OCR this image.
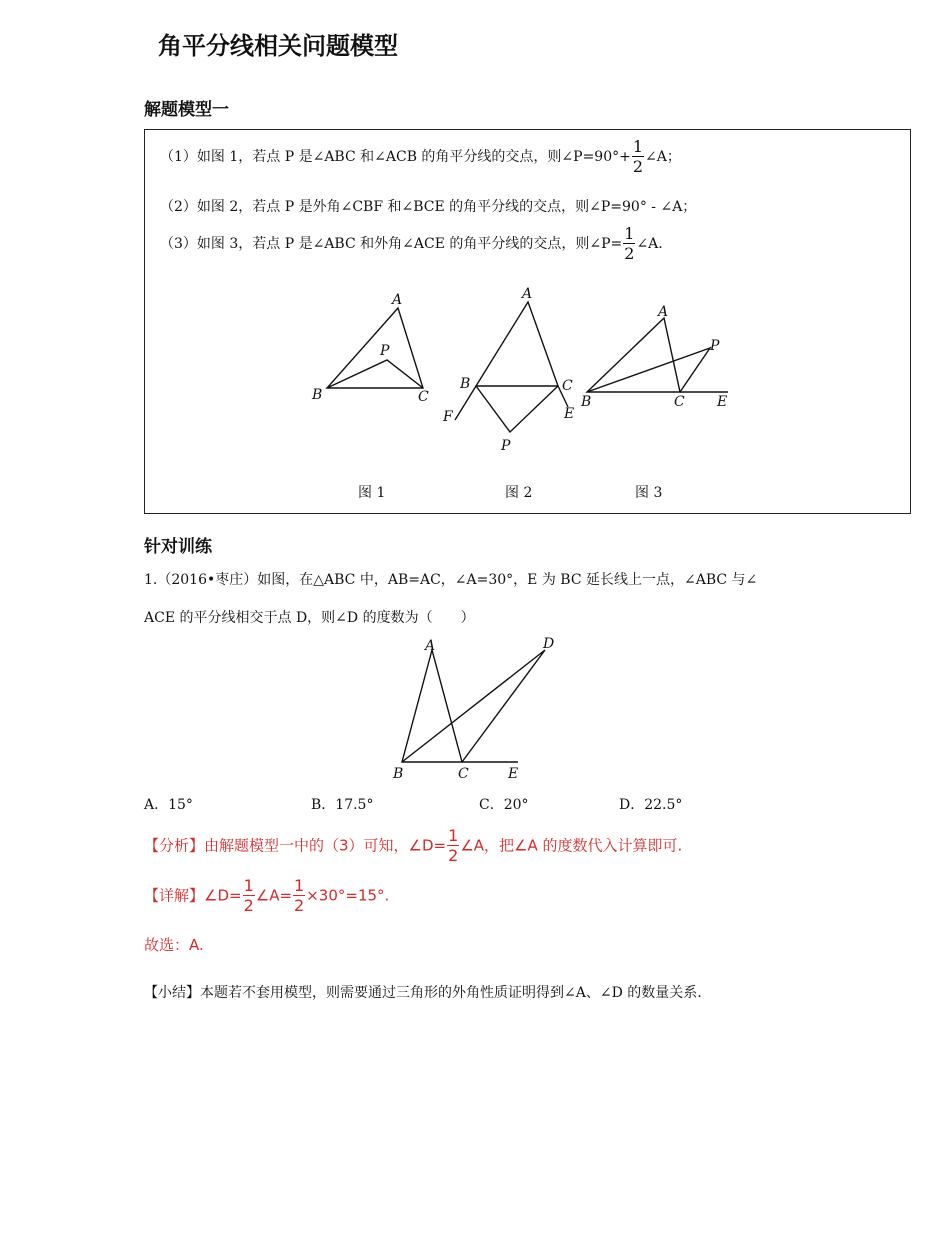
角平分线相关问题模型
解题模型一
（1）如图 1，若点 P 是∠ABC 和∠ACB 的角平分线的交点，则∠P=90°+ $\frac{1}{2}$ ∠A；
（2）如图 2，若点 P 是外角∠CBF 和∠BCE 的角平分线的交点，则∠P=90° - ∠A；
（3）如图 3，若点 P 是∠ABC 和外角∠ACE 的角平分线的交点，则∠P= $\frac{1}{2}$ ∠A.
A
B	C
P
A
B	C
F	E
P
A
B	C E
P
图 1	图 2	图 3
针对训练
1.（2016•枣庄）如图，在△ABC 中，AB=AC，∠A=30°，E 为 BC 延长线上一点，∠ABC 与∠
ACE 的平分线相交于点 D，则∠D 的度数为（　　）
A
B	C
D
E
A．15°	B．17.5°	C．20°	D．22.5°
【分析】由解题模型一中的（3）可知，∠D= $\frac{1}{2}$ ∠A，把∠A 的度数代入计算即可.
【详解】∠D= $\frac{1}{2}$ ∠A= $\frac{1}{2} \times 30^\circ=15^\circ$.
故选：A.
【小结】本题若不套用模型，则需要通过三角形的外角性质证明得到∠A、∠D 的数量关系.
